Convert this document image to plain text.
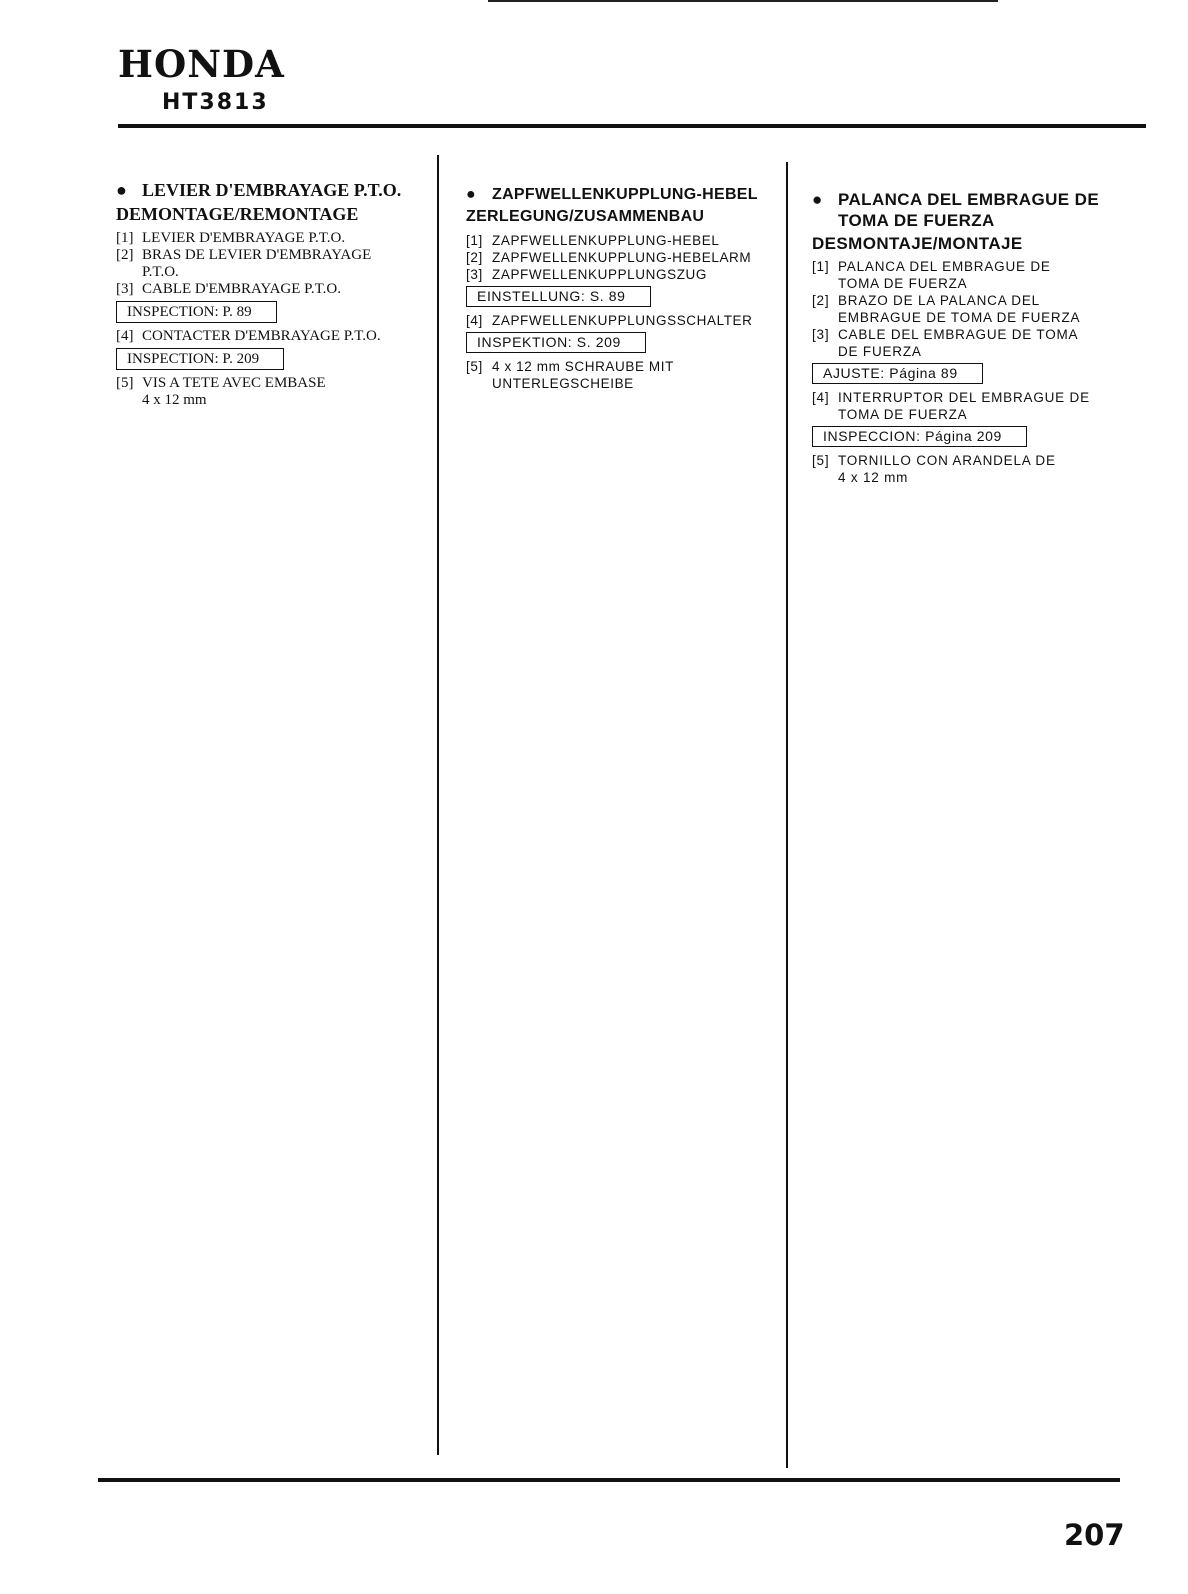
HONDA
HT3813
● LEVIER D'EMBRAYAGE P.T.O.
DEMONTAGE/REMONTAGE
[1] LEVIER D'EMBRAYAGE P.T.O.
[2] BRAS DE LEVIER D'EMBRAYAGE
P.T.O.
[3] CABLE D'EMBRAYAGE P.T.O.
INSPECTION: P. 89
[4] CONTACTER D'EMBRAYAGE P.T.O.
INSPECTION: P. 209
[5] VIS A TETE AVEC EMBASE
4 x 12 mm
●	ZAPFWELLENKUPPLUNG-HEBEL
ZERLEGUNG/ZUSAMMENBAU
[1] ZAPFWELLENKUPPLUNG-HEBEL
[2] ZAPFWELLENKUPPLUNG-HEBELARM
[3] ZAPFWELLENKUPPLUNGSZUG
EINSTELLUNG: S. 89
[4] ZAPFWELLENKUPPLUNGSSCHALTER
INSPEKTION: S. 209
[5] 4 x 12 mm SCHRAUBE MIT
UNTERLEGSCHEIBE
● PALANCA DEL EMBRAGUE DE TOMA DE FUERZA
DESMONTAJE/MONTAJE
[1] PALANCA DEL EMBRAGUE DE
TOMA DE FUERZA
[2] BRAZO DE LA PALANCA DEL
EMBRAGUE DE TOMA DE FUERZA
[3] CABLE DEL EMBRAGUE DE TOMA
DE FUERZA
AJUSTE: Página 89
[4] INTERRUPTOR DEL EMBRAGUE DE
TOMA DE FUERZA
INSPECCION: Página 209
[5] TORNILLO CON ARANDELA DE
4 x 12 mm
207
